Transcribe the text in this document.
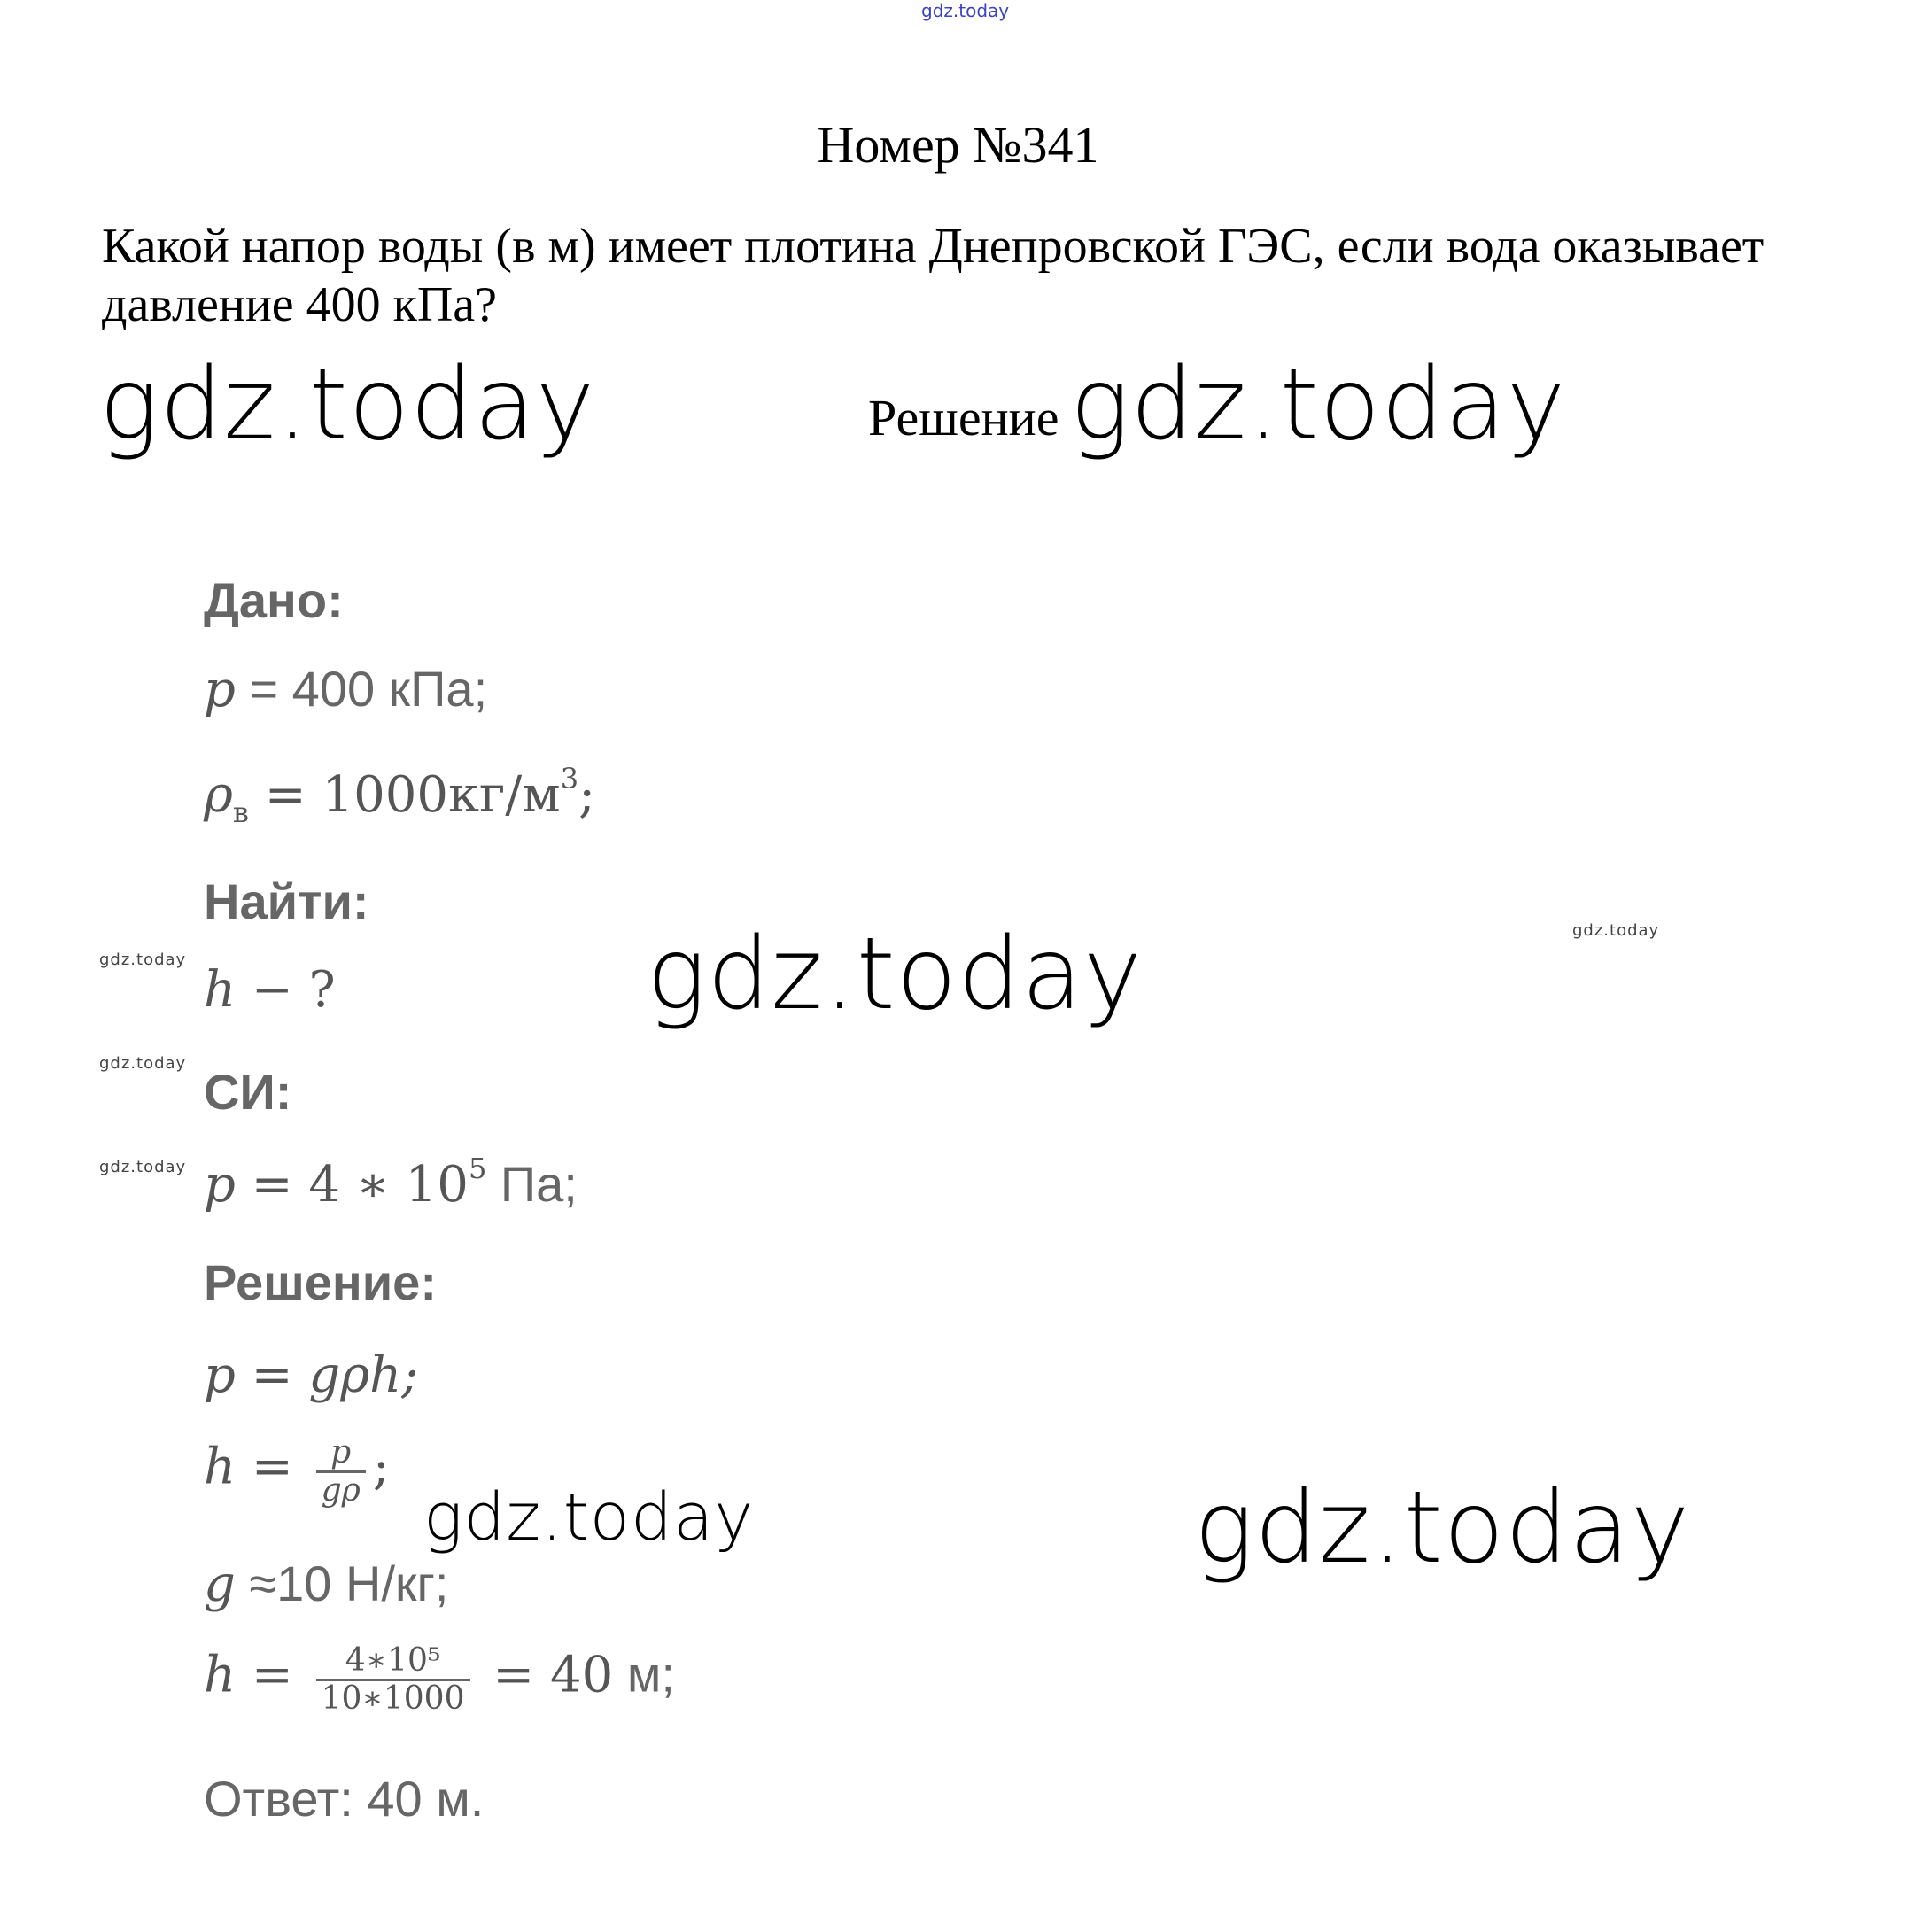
gdz.today
Номер №341
Какой напор воды (в м) имеет плотина Днепровской ГЭС, если вода оказывает давление 400 кПа?
gdz.today	Решение gdz.today
gdz.today
gdz.today	gdz.today
gdz.today
gdz.today
gdz.today
gdz.today
Дано:
p = 400 кПа;
$\rho_в = 1000кг/м^3$;
Найти:
h − ?
СИ:
p = 4 ∗ $10^5$ Па;
Решение:
p = gρh;
$h = \frac{p}{g\rho}$ ;
g ≈10 Н/кг;
$h = \frac{\text{4∗10⁵}}{10∗1000} = 40$ м;
Ответ: 40 м.
